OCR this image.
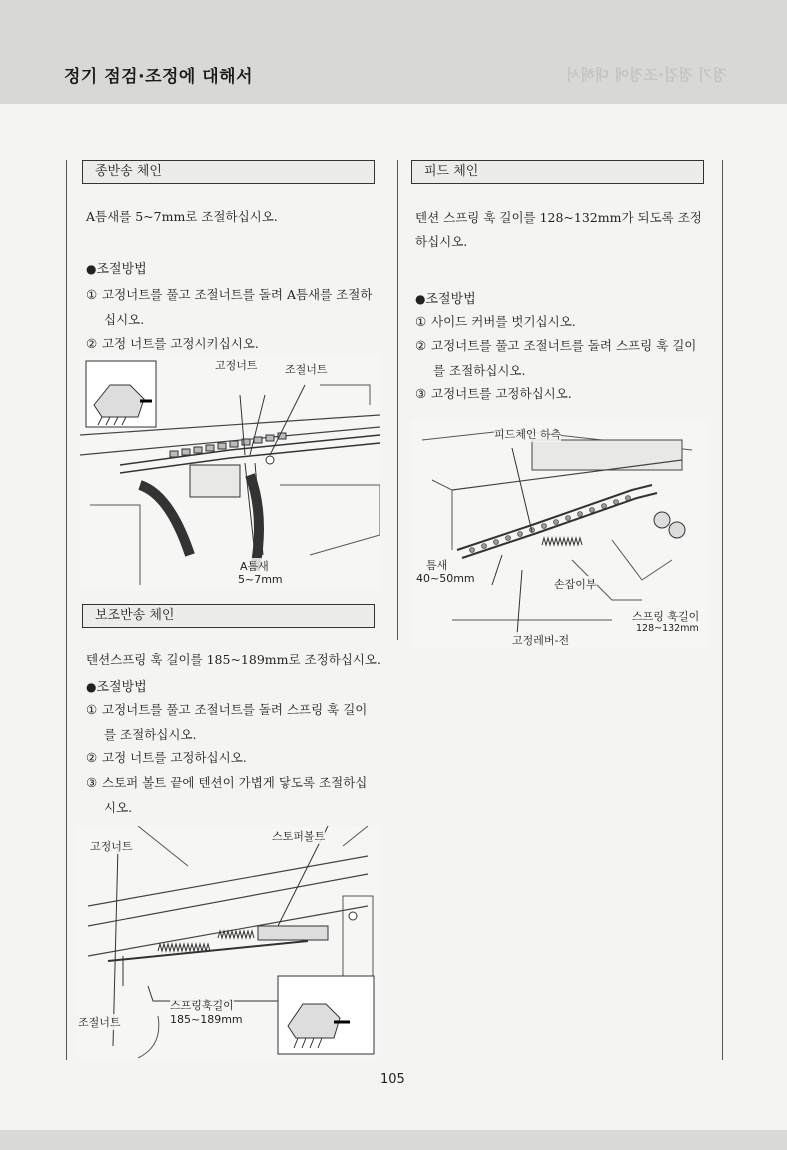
정기 점검·조정에 대해서	정기 점검·조정에 대해서
종반송 체인
A틈새를 5~7mm로 조절하십시오.
●조절방법
① 고정너트를 풀고 조절너트를 돌려 A틈새를 조절하
십시오.
② 고정 너트를 고정시키십시오.
고정너트 조절너트
A틈새
5~7mm
보조반송 체인
텐션스프링 훅 길이를 185~189mm로 조정하십시오.
●조절방법
① 고정너트를 풀고 조절너트를 돌려 스프링 훅 길이
를 조절하십시오.
② 고정 너트를 고정하십시오.
③ 스토퍼 볼트 끝에 텐션이 가볍게 닿도록 조절하십
시오.
고정너트
스토퍼볼트
조절너트
스프링훅길이
185~189mm
피드 체인

텐션 스프링 훅 길이를 128~132mm가 되도록 조정

하십시오.

●조절방법
① 사이드 커버를 벗기십시오.
② 고정너트를 풀고 조절너트를 돌려 스프링 훅 길이
를 조절하십시오.
③ 고정너트를 고정하십시오.
피드체인 하측
틈새
40~50mm	손잡이부
스프링 훅길이
128~132mm
고정레버-전
105
